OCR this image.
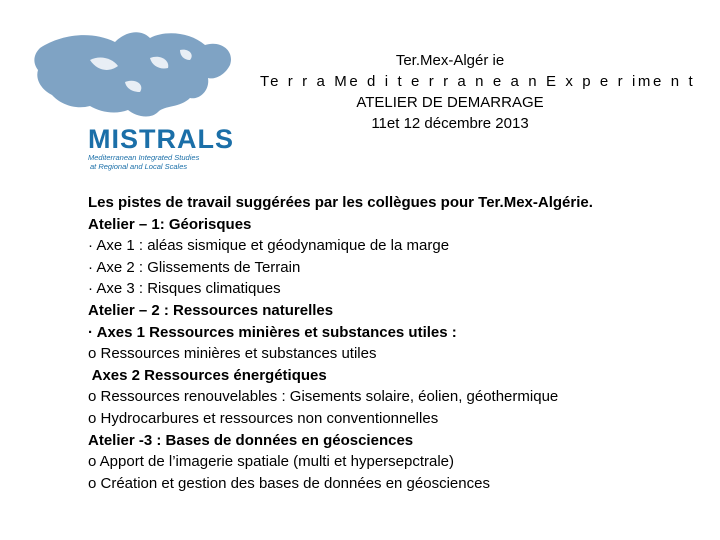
MISTRALS
Mediterranean Integrated Studies
at Regional and Local Scales
Ter.Mex-Algér ie
Te r r a Me d i t e r r a n e a n E x p e r ime n t
ATELIER DE DEMARRAGE
11et 12 décembre 2013
Les pistes de travail suggérées par les collègues pour Ter.Mex-Algérie.
Atelier – 1: Géorisques
· Axe 1 : aléas sismique et géodynamique de la marge
· Axe 2 : Glissements de Terrain
· Axe 3 : Risques climatiques
Atelier – 2 : Ressources naturelles
· Axes 1 Ressources minières et substances utiles :
o Ressources minières et substances utiles
Axes 2 Ressources énergétiques
o Ressources renouvelables : Gisements solaire, éolien, géothermique
o Hydrocarbures et ressources non conventionnelles
Atelier -3 : Bases de données en géosciences
o Apport de l’imagerie spatiale (multi et hypersepctrale)
o Création et gestion des bases de données en géosciences
